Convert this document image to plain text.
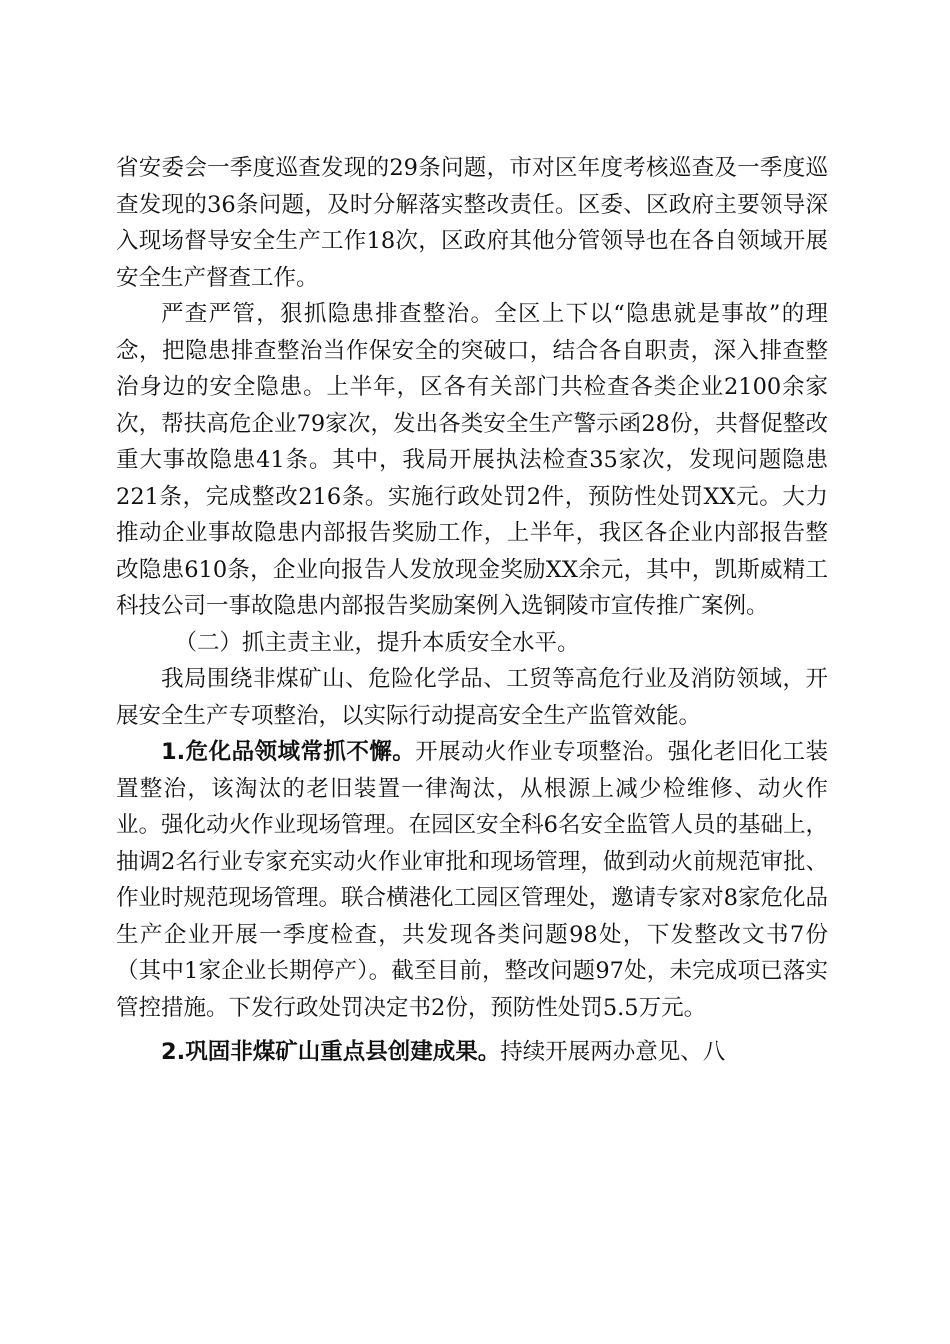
省安委会一季度巡查发现的29条问题，市对区年度考核巡查及一季度巡查发现的36条问题，及时分解落实整改责任。区委、区政府主要领导深入现场督导安全生产工作18次，区政府其他分管领导也在各自领域开展安全生产督查工作。

严查严管，狠抓隐患排查整治。全区上下以“隐患就是事故”的理念，把隐患排查整治当作保安全的突破口，结合各自职责，深入排查整治身边的安全隐患。上半年，区各有关部门共检查各类企业2100余家次，帮扶高危企业79家次，发出各类安全生产警示函28份，共督促整改重大事故隐患41条。其中，我局开展执法检查35家次，发现问题隐患221条，完成整改216条。实施行政处罚2件，预防性处罚XX元。大力推动企业事故隐患内部报告奖励工作，上半年，我区各企业内部报告整改隐患610条，企业向报告人发放现金奖励XX余元，其中，凯斯威精工科技公司一事故隐患内部报告奖励案例入选铜陵市宣传推广案例。

（二）抓主责主业，提升本质安全水平。

我局围绕非煤矿山、危险化学品、工贸等高危行业及消防领域，开展安全生产专项整治，以实际行动提高安全生产监管效能。

1.危化品领域常抓不懈。开展动火作业专项整治。强化老旧化工装置整治，该淘汰的老旧装置一律淘汰，从根源上减少检维修、动火作业。强化动火作业现场管理。在园区安全科6名安全监管人员的基础上，抽调2名行业专家充实动火作业审批和现场管理，做到动火前规范审批、作业时规范现场管理。联合横港化工园区管理处，邀请专家对8家危化品生产企业开展一季度检查，共发现各类问题98处，下发整改文书7份（其中1家企业长期停产）。截至目前，整改问题97处，未完成项已落实管控措施。下发行政处罚决定书2份，预防性处罚5.5万元。

2.巩固非煤矿山重点县创建成果。持续开展两办意见、八
